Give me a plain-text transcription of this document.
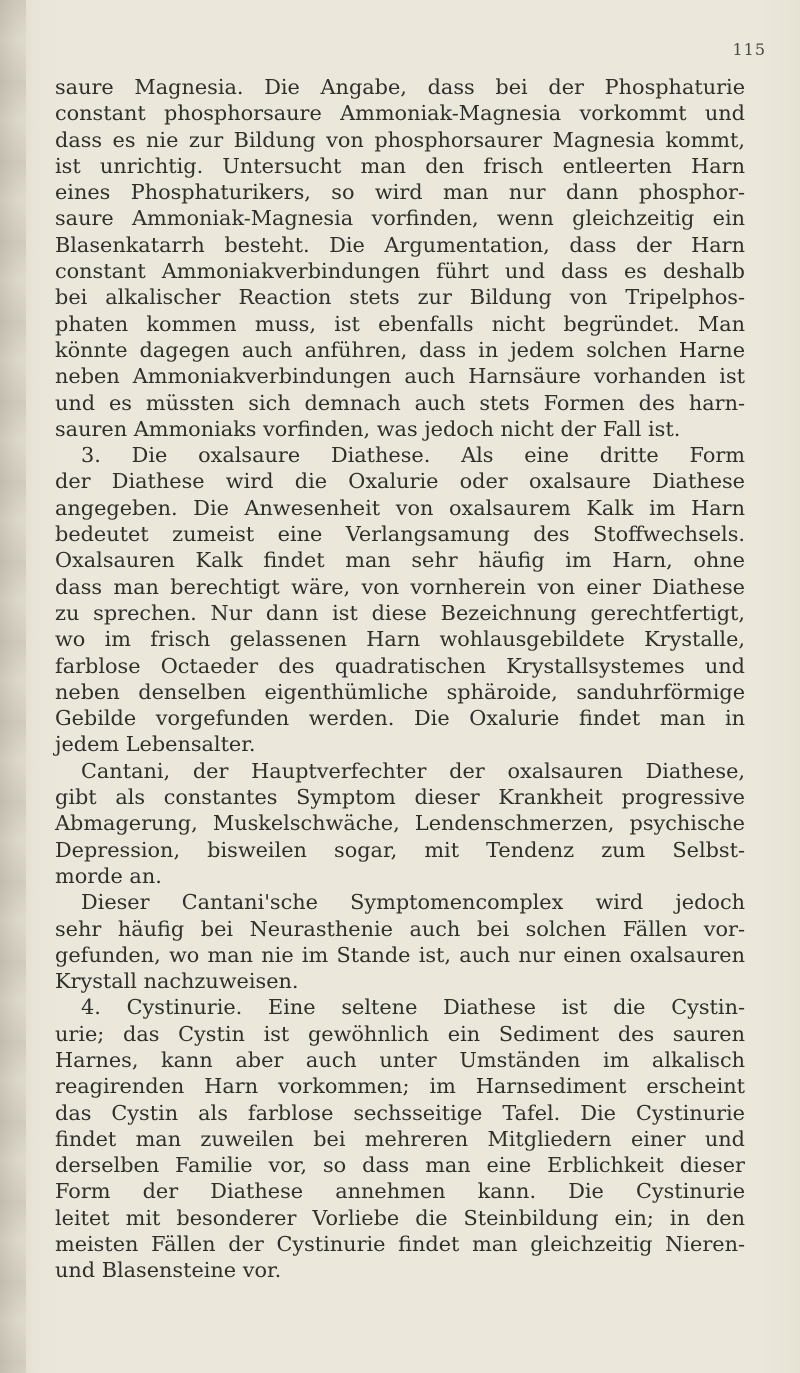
115
saure Magnesia. Die Angabe, dass bei der Phosphaturie
constant phosphorsaure Ammoniak-Magnesia vorkommt und
dass es nie zur Bildung von phosphorsaurer Magnesia kommt,
ist unrichtig. Untersucht man den frisch entleerten Harn
eines Phosphaturikers, so wird man nur dann phosphor-
saure Ammoniak-Magnesia vorfinden, wenn gleichzeitig ein
Blasenkatarrh besteht. Die Argumentation, dass der Harn
constant Ammoniakverbindungen führt und dass es deshalb
bei alkalischer Reaction stets zur Bildung von Tripelphos-
phaten kommen muss, ist ebenfalls nicht begründet. Man
könnte dagegen auch anführen, dass in jedem solchen Harne
neben Ammoniakverbindungen auch Harnsäure vorhanden ist
und es müssten sich demnach auch stets Formen des harn-
sauren Ammoniaks vorfinden, was jedoch nicht der Fall ist.
3. Die oxalsaure Diathese. Als eine dritte Form
der Diathese wird die Oxalurie oder oxalsaure Diathese
angegeben. Die Anwesenheit von oxalsaurem Kalk im Harn
bedeutet zumeist eine Verlangsamung des Stoffwechsels.
Oxalsauren Kalk findet man sehr häufig im Harn, ohne
dass man berechtigt wäre, von vornherein von einer Diathese
zu sprechen. Nur dann ist diese Bezeichnung gerechtfertigt,
wo im frisch gelassenen Harn wohlausgebildete Krystalle,
farblose Octaeder des quadratischen Krystallsystemes und
neben denselben eigenthümliche sphäroide, sanduhrförmige
Gebilde vorgefunden werden. Die Oxalurie findet man in
jedem Lebensalter.
Cantani, der Hauptverfechter der oxalsauren Diathese,
gibt als constantes Symptom dieser Krankheit progressive
Abmagerung, Muskelschwäche, Lendenschmerzen, psychische
Depression, bisweilen sogar, mit Tendenz zum Selbst-
morde an.
Dieser Cantani'sche Symptomencomplex wird jedoch
sehr häufig bei Neurasthenie auch bei solchen Fällen vor-
gefunden, wo man nie im Stande ist, auch nur einen oxalsauren
Krystall nachzuweisen.
4. Cystinurie. Eine seltene Diathese ist die Cystin-
urie; das Cystin ist gewöhnlich ein Sediment des sauren
Harnes, kann aber auch unter Umständen im alkalisch
reagirenden Harn vorkommen; im Harnsediment erscheint
das Cystin als farblose sechsseitige Tafel. Die Cystinurie
findet man zuweilen bei mehreren Mitgliedern einer und
derselben Familie vor, so dass man eine Erblichkeit dieser
Form der Diathese annehmen kann. Die Cystinurie
leitet mit besonderer Vorliebe die Steinbildung ein; in den
meisten Fällen der Cystinurie findet man gleichzeitig Nieren-
und Blasensteine vor.
